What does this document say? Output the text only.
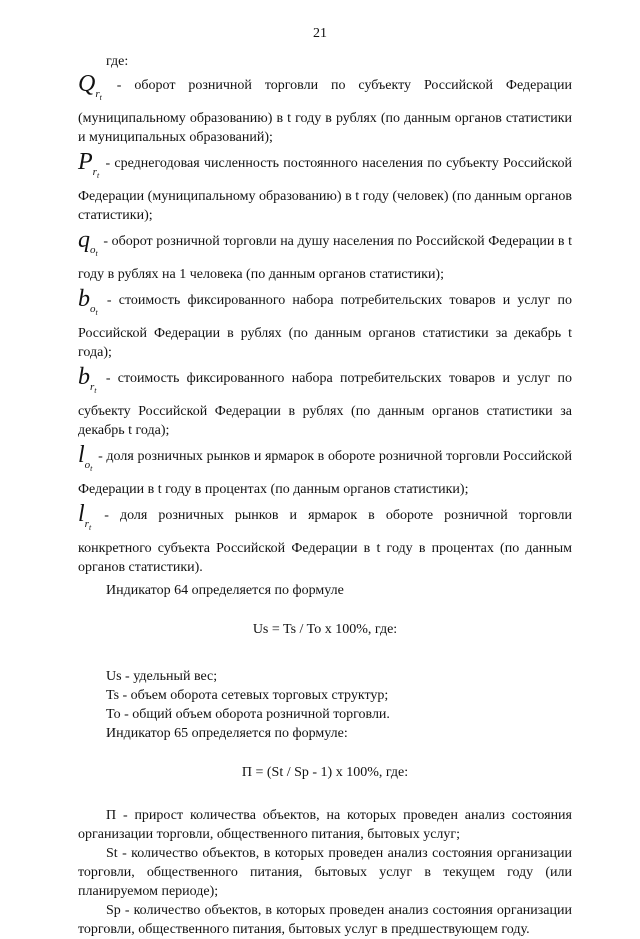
21

где:

$Q_{r_t}$ - оборот розничной торговли по субъекту Российской Федерации (муниципальному образованию) в t году в рублях (по данным органов статистики и муниципальных образований);

$P_{r_t}$ - среднегодовая численность постоянного населения по субъекту Российской Федерации (муниципальному образованию) в t году (человек) (по данным органов статистики);

$q_{o_t}$ - оборот розничной торговли на душу населения по Российской Федерации в t году в рублях на 1 человека (по данным органов статистики);

$b_{o_t}$ - стоимость фиксированного набора потребительских товаров и услуг по Российской Федерации в рублях (по данным органов статистики за декабрь t года);

$b_{r_t}$ - стоимость фиксированного набора потребительских товаров и услуг по субъекту Российской Федерации в рублях (по данным органов статистики за декабрь t года);

$l_{o_t}$ - доля розничных рынков и ярмарок в обороте розничной торговли Российской Федерации в t году в процентах (по данным органов статистики);

$l_{r_t}$ - доля розничных рынков и ярмарок в обороте розничной торговли конкретного субъекта Российской Федерации в t году в процентах (по данным органов статистики).

Индикатор 64 определяется по формуле

Us = Ts / To x 100%, где:

Us - удельный вес;

Ts - объем оборота сетевых торговых структур;

To - общий объем оборота розничной торговли.

Индикатор 65 определяется по формуле:

П = (St / Sp - 1) x 100%, где:

П - прирост количества объектов, на которых проведен анализ состояния организации торговли, общественного питания, бытовых услуг;

St - количество объектов, в которых проведен анализ состояния организации торговли, общественного питания, бытовых услуг в текущем году (или планируемом периоде);

Sp - количество объектов, в которых проведен анализ состояния организации торговли, общественного питания, бытовых услуг в предшествующем году.
